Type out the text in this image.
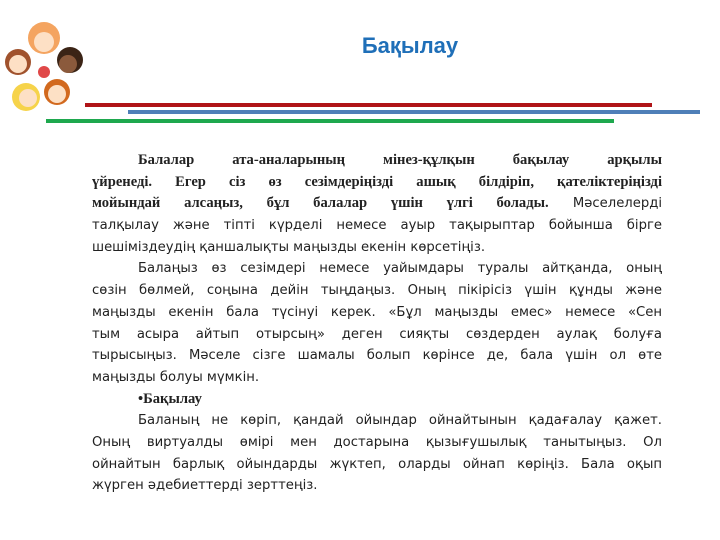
Бақылау
Балалар ата-аналарының мінез-құлқын бақылау арқылы
үйренеді. Егер сіз өз сезімдеріңізді ашық білдіріп, қателіктеріңізді
мойындай алсаңыз, бұл балалар үшін үлгі болады. Мәселелерді
талқылау және тіпті күрделі немесе ауыр тақырыптар бойынша бірге
шешіміздеудің қаншалықты маңызды екенін көрсетіңіз.
Балаңыз өз сезімдері немесе уайымдары туралы айтқанда, оның
сөзін бөлмей, соңына дейін тыңдаңыз. Оның пікірісіз үшін құнды және
маңызды екенін бала түсінуі керек. «Бұл маңызды емес» немесе «Сен
тым асыра айтып отырсың» деген сияқты сөздерден аулақ болуға
тырысыңыз. Мәселе сізге шамалы болып көрінсе де, бала үшін ол өте
маңызды болуы мүмкін.
•Бақылау
Баланың не көріп, қандай ойындар ойнайтынын қадағалау қажет.
Оның виртуалды өмірі мен достарына қызығушылық танытыңыз. Ол
ойнайтын барлық ойындарды жүктеп, оларды ойнап көріңіз. Бала оқып
жүрген әдебиеттерді зерттеңіз.
